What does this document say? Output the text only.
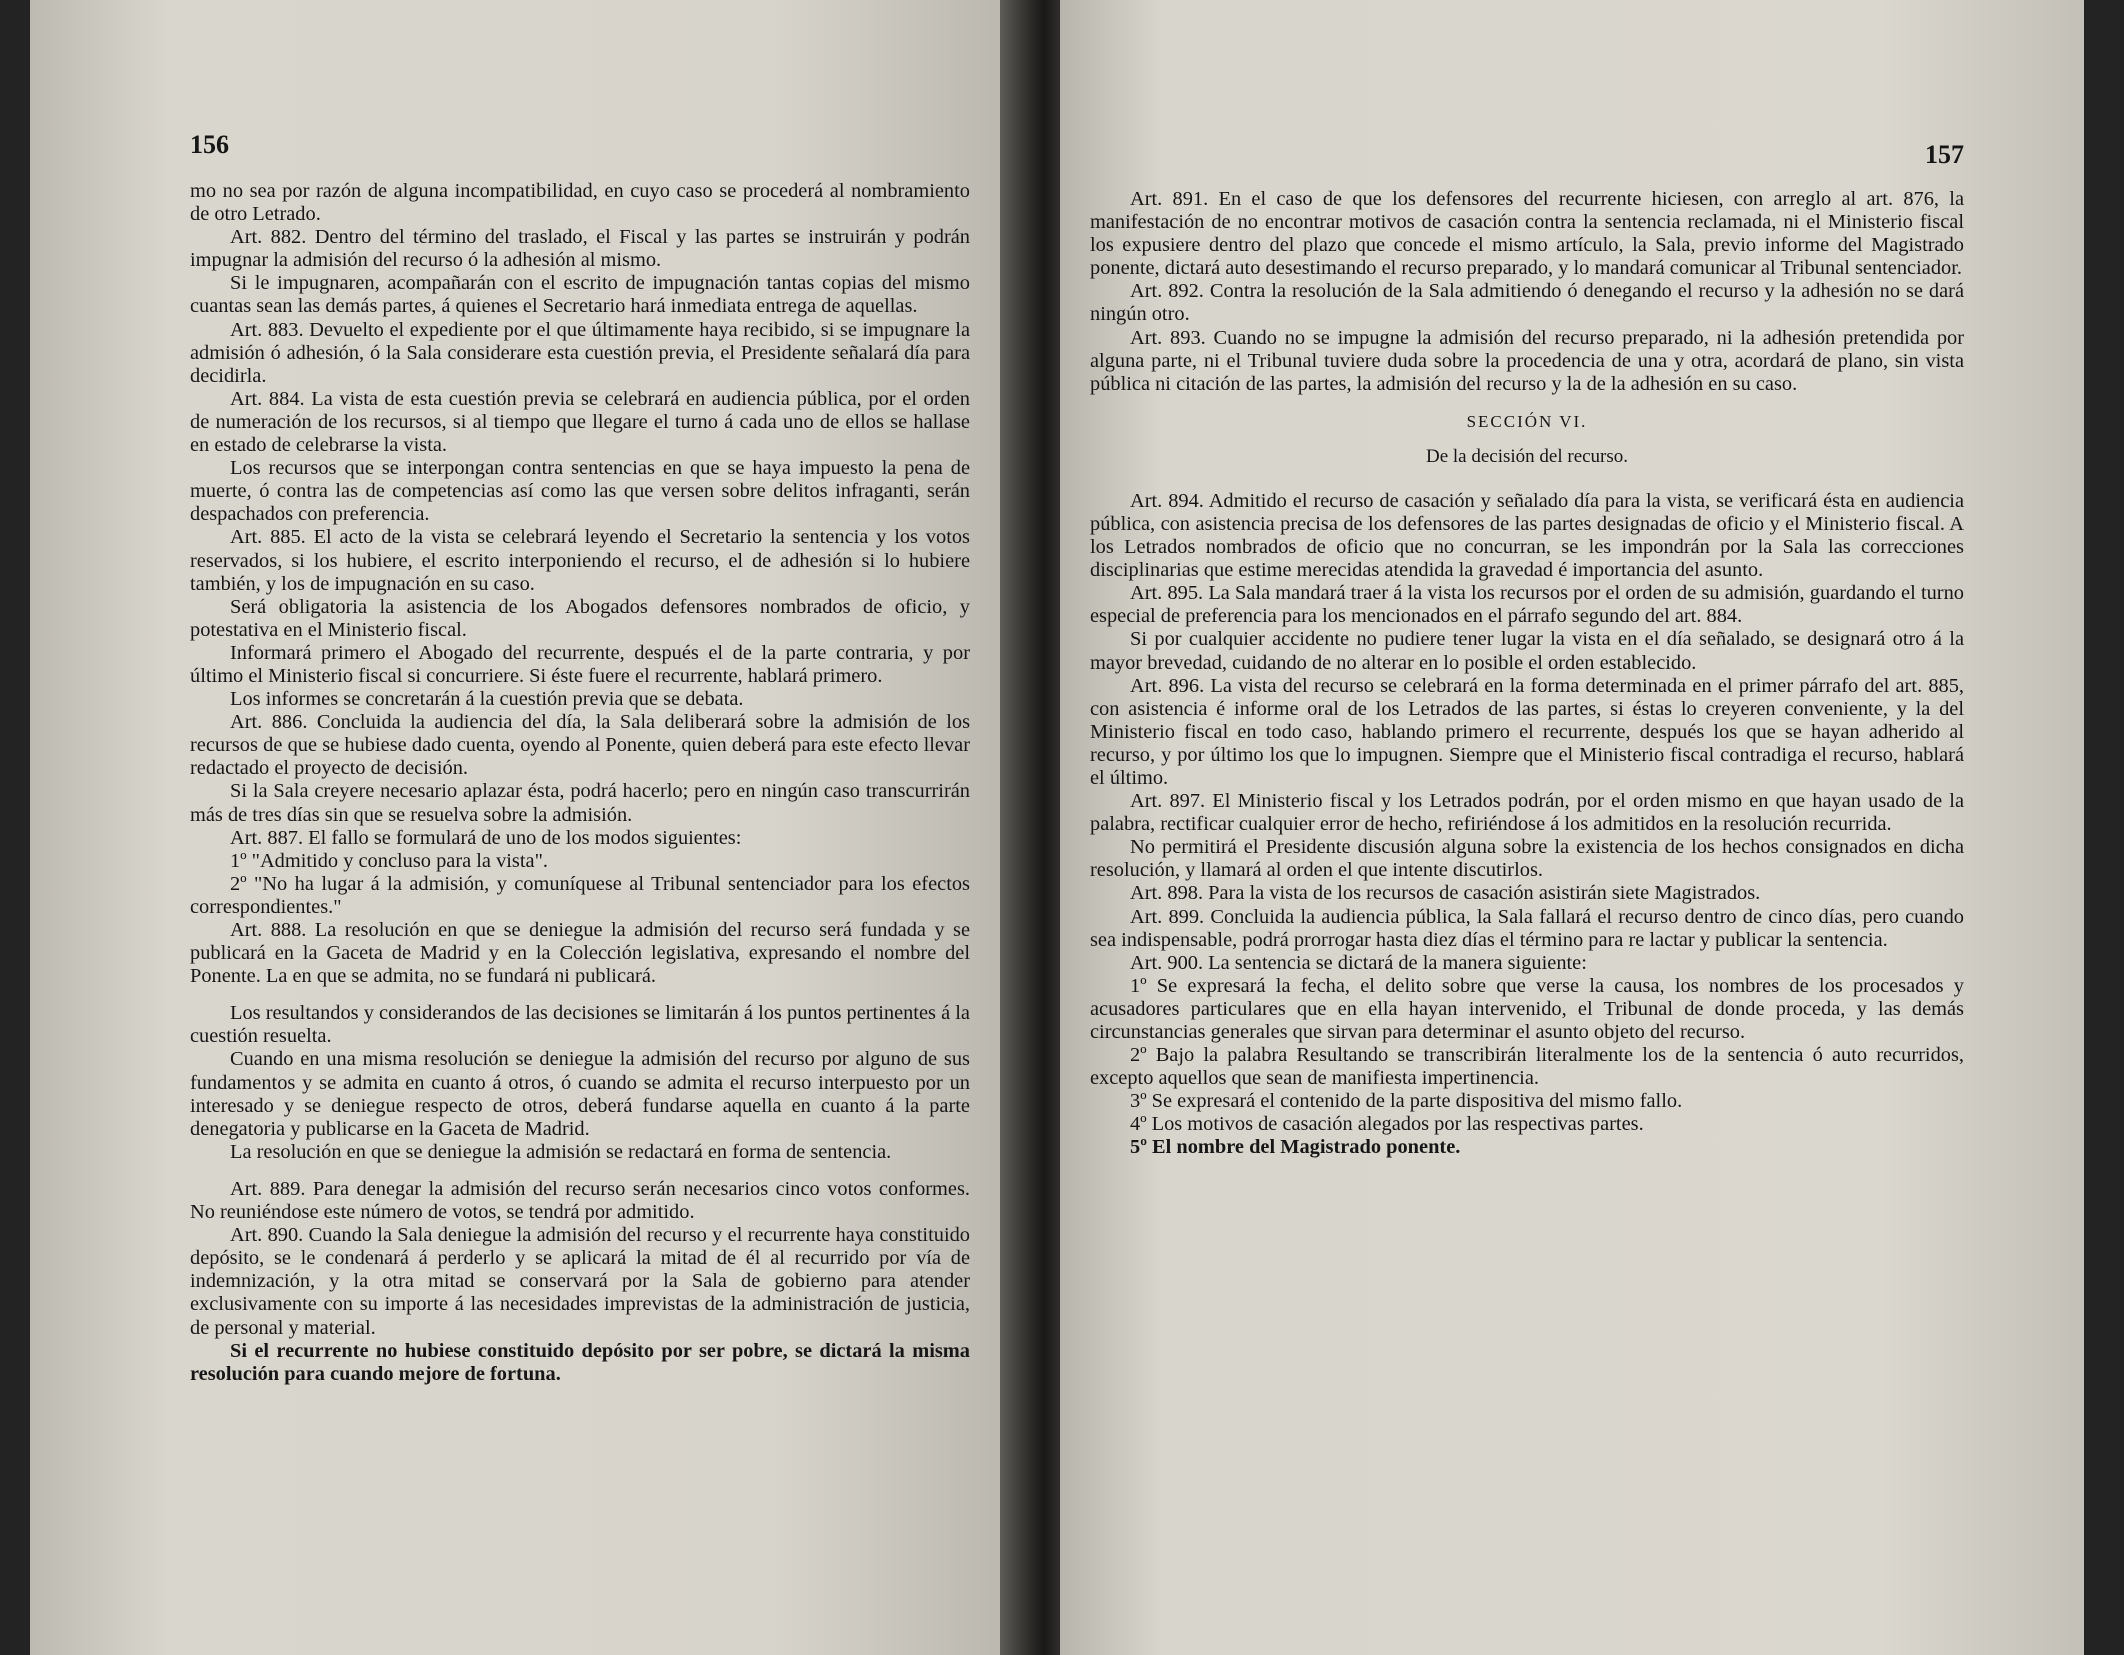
156

mo no sea por razón de alguna incompatibilidad, en cuyo caso se procederá al nombramiento de otro Letrado.

Art. 882. Dentro del término del traslado, el Fiscal y las partes se instruirán y podrán impugnar la admisión del recurso ó la adhesión al mismo.

Si le impugnaren, acompañarán con el escrito de impugnación tantas copias del mismo cuantas sean las demás partes, á quienes el Secretario hará inmediata entrega de aquellas.

Art. 883. Devuelto el expediente por el que últimamente haya recibido, si se impugnare la admisión ó adhesión, ó la Sala considerare esta cuestión previa, el Presidente señalará día para decidirla.

Art. 884. La vista de esta cuestión previa se celebrará en audiencia pública, por el orden de numeración de los recursos, si al tiempo que llegare el turno á cada uno de ellos se hallase en estado de celebrarse la vista.

Los recursos que se interpongan contra sentencias en que se haya impuesto la pena de muerte, ó contra las de competencias así como las que versen sobre delitos infraganti, serán despachados con preferencia.

Art. 885. El acto de la vista se celebrará leyendo el Secretario la sentencia y los votos reservados, si los hubiere, el escrito interponiendo el recurso, el de adhesión si lo hubiere también, y los de impugnación en su caso.

Será obligatoria la asistencia de los Abogados defensores nombrados de oficio, y potestativa en el Ministerio fiscal.

Informará primero el Abogado del recurrente, después el de la parte contraria, y por último el Ministerio fiscal si concurriere. Si éste fuere el recurrente, hablará primero.

Los informes se concretarán á la cuestión previa que se debata.

Art. 886. Concluida la audiencia del día, la Sala deliberará sobre la admisión de los recursos de que se hubiese dado cuenta, oyendo al Ponente, quien deberá para este efecto llevar redactado el proyecto de decisión.

Si la Sala creyere necesario aplazar ésta, podrá hacerlo; pero en ningún caso transcurrirán más de tres días sin que se resuelva sobre la admisión.

Art. 887. El fallo se formulará de uno de los modos siguientes:

1º "Admitido y concluso para la vista".

2º "No ha lugar á la admisión, y comuníquese al Tribunal sentenciador para los efectos correspondientes."

Art. 888. La resolución en que se deniegue la admisión del recurso será fundada y se publicará en la Gaceta de Madrid y en la Colección legislativa, expresando el nombre del Ponente. La en que se admita, no se fundará ni publicará.

Los resultandos y considerandos de las decisiones se limitarán á los puntos pertinentes á la cuestión resuelta.

Cuando en una misma resolución se deniegue la admisión del recurso por alguno de sus fundamentos y se admita en cuanto á otros, ó cuando se admita el recurso interpuesto por un interesado y se deniegue respecto de otros, deberá fundarse aquella en cuanto á la parte denegatoria y publicarse en la Gaceta de Madrid.

La resolución en que se deniegue la admisión se redactará en forma de sentencia.

Art. 889. Para denegar la admisión del recurso serán necesarios cinco votos conformes. No reuniéndose este número de votos, se tendrá por admitido.

Art. 890. Cuando la Sala deniegue la admisión del recurso y el recurrente haya constituido depósito, se le condenará á perderlo y se aplicará la mitad de él al recurrido por vía de indemnización, y la otra mitad se conservará por la Sala de gobierno para atender exclusivamente con su importe á las necesidades imprevistas de la administración de justicia, de personal y material.

Si el recurrente no hubiese constituido depósito por ser pobre, se dictará la misma resolución para cuando mejore de fortuna.

157

Art. 891. En el caso de que los defensores del recurrente hiciesen, con arreglo al art. 876, la manifestación de no encontrar motivos de casación contra la sentencia reclamada, ni el Ministerio fiscal los expusiere dentro del plazo que concede el mismo artículo, la Sala, previo informe del Magistrado ponente, dictará auto desestimando el recurso preparado, y lo mandará comunicar al Tribunal sentenciador.

Art. 892. Contra la resolución de la Sala admitiendo ó denegando el recurso y la adhesión no se dará ningún otro.

Art. 893. Cuando no se impugne la admisión del recurso preparado, ni la adhesión pretendida por alguna parte, ni el Tribunal tuviere duda sobre la procedencia de una y otra, acordará de plano, sin vista pública ni citación de las partes, la admisión del recurso y la de la adhesión en su caso.

SECCIÓN VI.
De la decisión del recurso.

Art. 894. Admitido el recurso de casación y señalado día para la vista, se verificará ésta en audiencia pública, con asistencia precisa de los defensores de las partes designadas de oficio y el Ministerio fiscal. A los Letrados nombrados de oficio que no concurran, se les impondrán por la Sala las correcciones disciplinarias que estime merecidas atendida la gravedad é importancia del asunto.

Art. 895. La Sala mandará traer á la vista los recursos por el orden de su admisión, guardando el turno especial de preferencia para los mencionados en el párrafo segundo del art. 884.

Si por cualquier accidente no pudiere tener lugar la vista en el día señalado, se designará otro á la mayor brevedad, cuidando de no alterar en lo posible el orden establecido.

Art. 896. La vista del recurso se celebrará en la forma determinada en el primer párrafo del art. 885, con asistencia é informe oral de los Letrados de las partes, si éstas lo creyeren conveniente, y la del Ministerio fiscal en todo caso, hablando primero el recurrente, después los que se hayan adherido al recurso, y por último los que lo impugnen. Siempre que el Ministerio fiscal contradiga el recurso, hablará el último.

Art. 897. El Ministerio fiscal y los Letrados podrán, por el orden mismo en que hayan usado de la palabra, rectificar cualquier error de hecho, refiriéndose á los admitidos en la resolución recurrida.

No permitirá el Presidente discusión alguna sobre la existencia de los hechos consignados en dicha resolución, y llamará al orden el que intente discutirlos.

Art. 898. Para la vista de los recursos de casación asistirán siete Magistrados.

Art. 899. Concluida la audiencia pública, la Sala fallará el recurso dentro de cinco días, pero cuando sea indispensable, podrá prorrogar hasta diez días el término para re lactar y publicar la sentencia.

Art. 900. La sentencia se dictará de la manera siguiente:

1º Se expresará la fecha, el delito sobre que verse la causa, los nombres de los procesados y acusadores particulares que en ella hayan intervenido, el Tribunal de donde proceda, y las demás circunstancias generales que sirvan para determinar el asunto objeto del recurso.

2º Bajo la palabra Resultando se transcribirán literalmente los de la sentencia ó auto recurridos, excepto aquellos que sean de manifiesta impertinencia.

3º Se expresará el contenido de la parte dispositiva del mismo fallo.

4º Los motivos de casación alegados por las respectivas partes.

5º El nombre del Magistrado ponente.
